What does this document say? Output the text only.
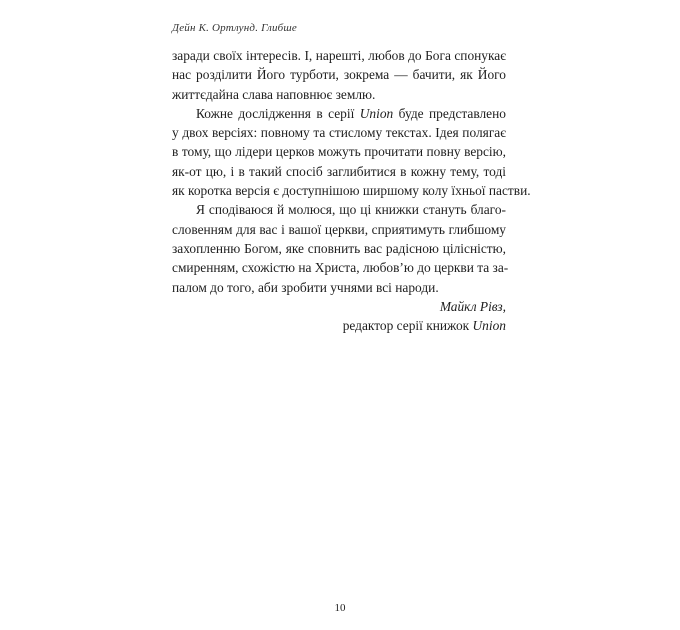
Дейн К. Ортлунд. Глибше
заради своїх інтересів. І, нарешті, любов до Бога спонукає
нас розділити Його турботи, зокрема — бачити, як Його
життєдайна слава наповнює землю.
Кожне дослідження в серії Union буде представлено
у двох версіях: повному та стислому текстах. Ідея полягає
в тому, що лідери церков можуть прочитати повну версію,
як-от цю, і в такий спосіб заглибитися в кожну тему, тоді
як коротка версія є доступнішою ширшому колу їхньої пастви.
Я сподіваюся й молюся, що ці книжки стануть благо-
словенням для вас і вашої церкви, сприятимуть глибшому
захопленню Богом, яке сповнить вас радісною цілісністю,
смиренням, схожістю на Христа, любов’ю до церкви та за-
палом до того, аби зробити учнями всі народи.
Майкл Рівз,
редактор серії книжок Union
10
